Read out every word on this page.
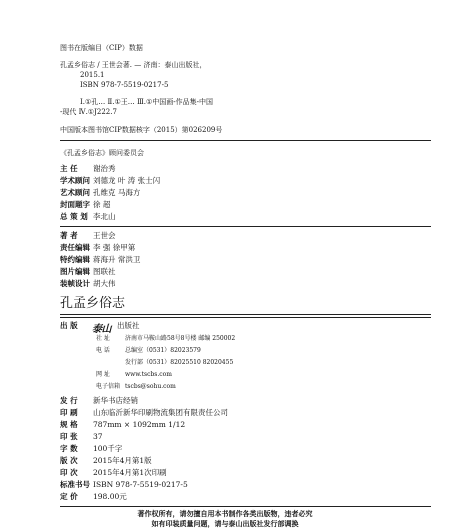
图书在版编目（CIP）数据
孔孟乡俗志 / 王世会著. — 济南：泰山出版社，
2015.1
ISBN 978-7-5519-0217-5
Ⅰ.①孔… Ⅱ.①王… Ⅲ.①中国画-作品集-中国
-现代 Ⅳ.①J222.7
中国版本图书馆CIP数据核字（2015）第026209号
《孔孟乡俗志》顾问委员会
主 任 谢治秀
学术顾问 刘德龙 叶 涛 张士闪
艺术顾问 孔维克 马海方
封面题字 徐 超
总 策 划 李北山
著 者 王世会
责任编辑 李 强 徐甲第
特约编辑 蒋海升 常洪卫
图片编辑 图联社
装帧设计 胡大伟
孔孟乡俗志
出 版 泰山 出版社
社 址	济南市马鞍山路58号8号楼 邮编 250002
电 话	总编室（0531）82023579
发行部（0531）82025510 82020455
网 址	www.tscbs.com
电子信箱 tscbs@sohu.com
发 行 新华书店经销
印 刷 山东临沂新华印刷物流集团有限责任公司
规 格 787mm × 1092mm 1/12
印 张 37
字 数 100千字
版 次 2015年4月第1版
印 次 2015年4月第1次印刷
标准书号 ISBN 978-7-5519-0217-5
定 价 198.00元
著作权所有，请勿擅自用本书制作各类出版物，违者必究
如有印装质量问题，请与泰山出版社发行部调换
